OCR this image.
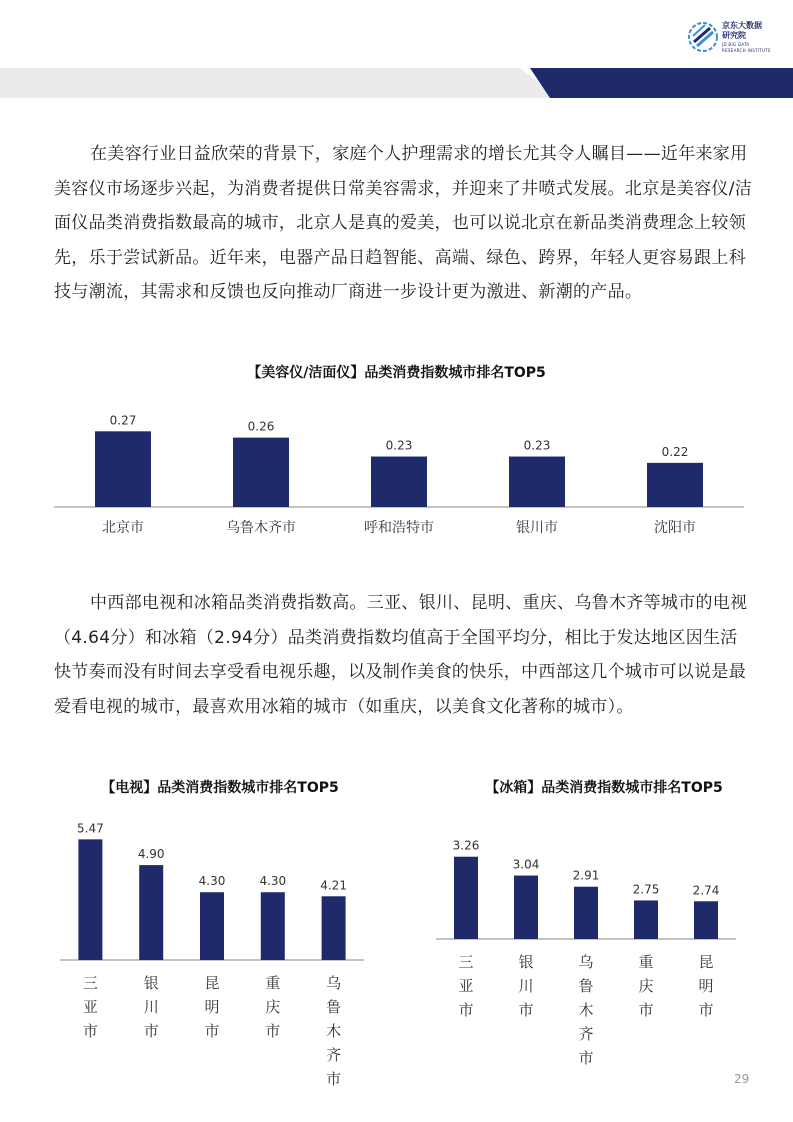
京东大数据
研究院
JD BIG DATA
RESEARCH INSTITUTE
在美容行业日益欣荣的背景下，家庭个人护理需求的增长尤其令人瞩目——近年来家用美容仪市场逐步兴起，为消费者提供日常美容需求，并迎来了井喷式发展。北京是美容仪/洁面仪品类消费指数最高的城市，北京人是真的爱美，也可以说北京在新品类消费理念上较领先，乐于尝试新品。近年来，电器产品日趋智能、高端、绿色、跨界，年轻人更容易跟上科技与潮流，其需求和反馈也反向推动厂商进一步设计更为激进、新潮的产品。
【美容仪/洁面仪】品类消费指数城市排名TOP5
0.27
北京市
0.26
乌鲁木齐市
0.23
呼和浩特市
0.23
银川市
0.22
沈阳市
中西部电视和冰箱品类消费指数高。三亚、银川、昆明、重庆、乌鲁木齐等城市的电视（4.64分）和冰箱（2.94分）品类消费指数均值高于全国平均分，相比于发达地区因生活快节奏而没有时间去享受看电视乐趣，以及制作美食的快乐，中西部这几个城市可以说是最爱看电视的城市，最喜欢用冰箱的城市（如重庆，以美食文化著称的城市）。
【电视】品类消费指数城市排名TOP5
5.47
三亚市
4.90
银川市
4.30
昆明市
4.30
重庆市
4.21
乌鲁木齐市
【冰箱】品类消费指数城市排名TOP5
3.26
三亚市
3.04
银川市
2.91
乌鲁木齐市
2.75
重庆市
2.74
昆明市
29
